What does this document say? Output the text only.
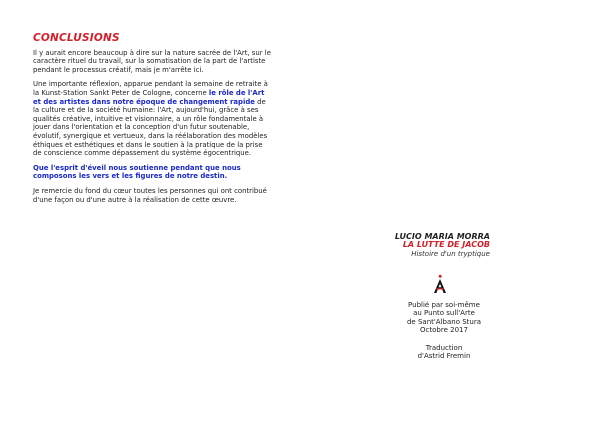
CONCLUSIONS

Il y aurait encore beaucoup à dire sur la nature sacrée de l'Art, sur le caractère rituel du travail, sur la somatisation de la part de l'artiste pendant le processus créatif, mais je m'arrête ici.

Une importante réflexion, apparue pendant la semaine de retraite à la Kunst-Station Sankt Peter de Cologne, concerne le rôle de l'Art et des artistes dans notre époque de changement rapide de la culture et de la société humaine: l'Art, aujourd'hui, grâce à ses qualités créative, intuitive et visionnaire, a un rôle fondamentale à jouer dans l'orientation et la conception d'un futur soutenable, évolutif, synergique et vertueux, dans la réélaboration des modèles éthiques et esthétiques et dans le soutien à la pratique de la prise de conscience comme dépassement du système égocentrique.

Que l'esprit d'éveil nous soutienne pendant que nous composons les vers et les figures de notre destin.

Je remercie du fond du cœur toutes les personnes qui ont contribué d'une façon ou d'une autre à la réalisation de cette œuvre.

LUCIO MARIA MORRA
LA LUTTE DE JACOB
Histoire d'un tryptique
Publié par soi-même
au Punto sull'Arte
de Sant'Albano Stura
Octobre 2017
Traduction
d'Astrid Fremin
